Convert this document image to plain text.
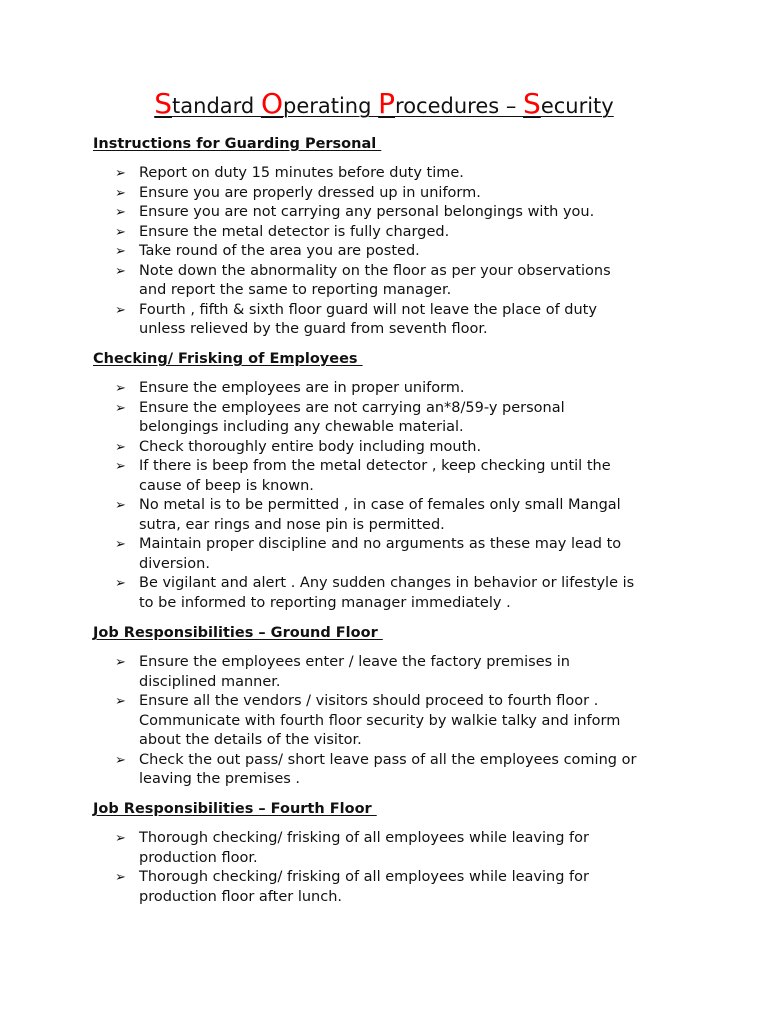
Standard Operating Procedures – Security

Instructions for Guarding Personal

➢ Report on duty 15 minutes before duty time.
➢ Ensure you are properly dressed up in uniform.
➢ Ensure you are not carrying any personal belongings with you.
➢ Ensure the metal detector is fully charged.
➢ Take round of the area you are posted.
➢ Note down the abnormality on the floor as per your observations
and report the same to reporting manager.
➢ Fourth , fifth & sixth floor guard will not leave the place of duty
unless relieved by the guard from seventh floor.

Checking/ Frisking of Employees

➢ Ensure the employees are in proper uniform.
➢ Ensure the employees are not carrying an*8/59-y personal
belongings including any chewable material.
➢ Check thoroughly entire body including mouth.
➢ If there is beep from the metal detector , keep checking until the
cause of beep is known.
➢ No metal is to be permitted , in case of females only small Mangal
sutra, ear rings and nose pin is permitted.
➢ Maintain proper discipline and no arguments as these may lead to
diversion.
➢ Be vigilant and alert . Any sudden changes in behavior or lifestyle is
to be informed to reporting manager immediately .

Job Responsibilities – Ground Floor

➢ Ensure the employees enter / leave the factory premises in
disciplined manner.
➢ Ensure all the vendors / visitors should proceed to fourth floor .
Communicate with fourth floor security by walkie talky and inform
about the details of the visitor.
➢ Check the out pass/ short leave pass of all the employees coming or
leaving the premises .

Job Responsibilities – Fourth Floor

➢ Thorough checking/ frisking of all employees while leaving for
production floor.
➢ Thorough checking/ frisking of all employees while leaving for
production floor after lunch.
